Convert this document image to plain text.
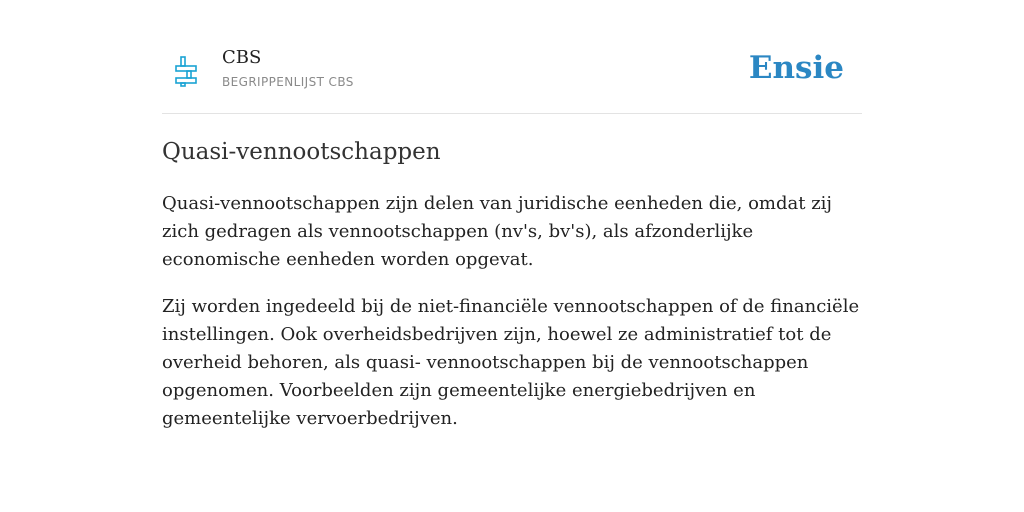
CBS
BEGRIPPENLIJST CBS	Ensie
Quasi-vennootschappen

Quasi-vennootschappen zijn delen van juridische eenheden die, omdat zij zich gedragen als vennootschappen (nv's, bv's), als afzonderlijke economische eenheden worden opgevat.

Zij worden ingedeeld bij de niet-financiële vennootschappen of de financiële instellingen. Ook overheidsbedrijven zijn, hoewel ze administratief tot de overheid behoren, als quasi- vennootschappen bij de vennootschappen opgenomen. Voorbeelden zijn gemeentelijke energiebedrijven en gemeentelijke vervoerbedrijven.
